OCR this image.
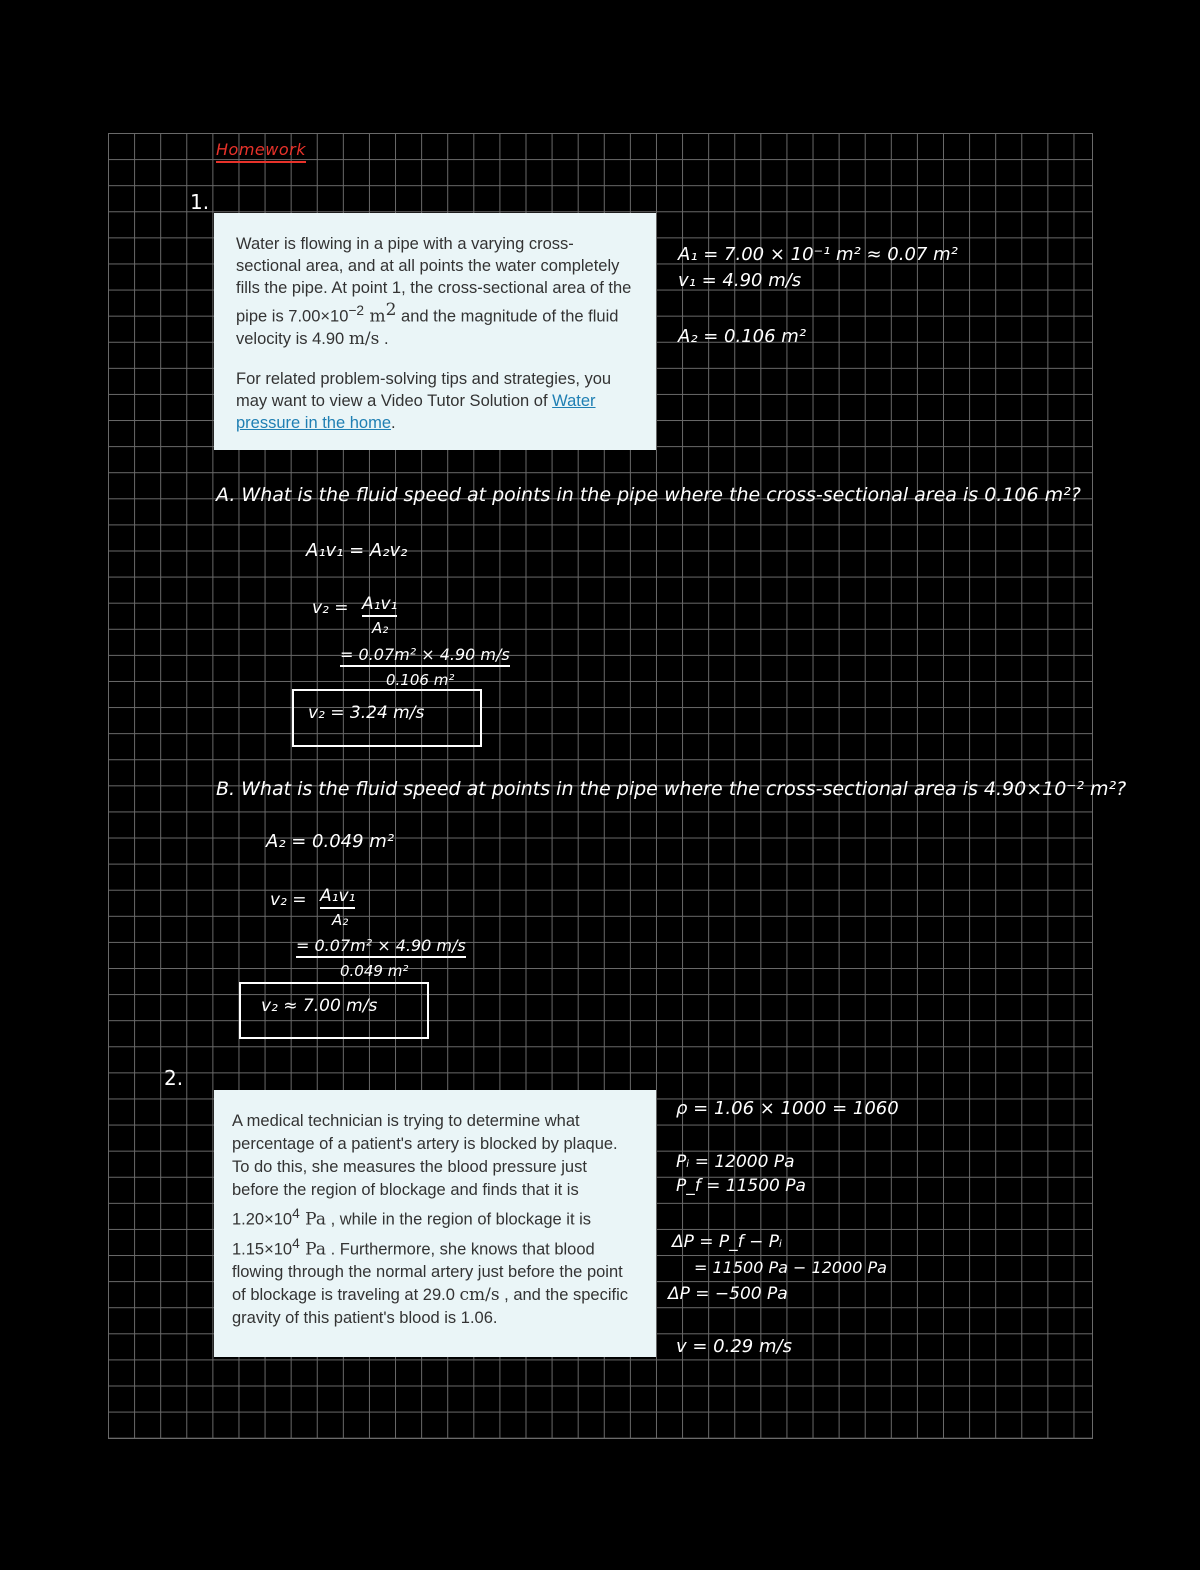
Homework
1.

Water is flowing in a pipe with a varying cross-sectional area, and at all points the water completely fills the pipe. At point 1, the cross-sectional area of the pipe is $7.00\times 10^{-2}$ $m^2$ and the magnitude of the fluid velocity is 4.90 m/s .

For related problem-solving tips and strategies, you may want to view a Video Tutor Solution of Water pressure in the home.

A₁ = 7.00 × 10⁻¹ m² ≈ 0.07 m²
v₁ = 4.90 m/s
A₂ = 0.106 m²
A. What is the fluid speed at points in the pipe where the cross-sectional area is 0.106 m²?
A₁v₁ = A₂v₂
v₂ = A₁v₁
A₂
= 0.07m² × 4.90 m/s
0.106 m²
v₂ = 3.24 m/s
B. What is the fluid speed at points in the pipe where the cross-sectional area is 4.90×10⁻² m²?
A₂ = 0.049 m²
v₂ = A₁v₁
A₂
= 0.07m² × 4.90 m/s
0.049 m²
v₂ ≈ 7.00 m/s
2.
A medical technician is trying to determine what percentage of a patient's artery is blocked by plaque. To do this, she measures the blood pressure just before the region of blockage and finds that it is $1.20\times 10^4$ Pa , while in the region of blockage it is $1.15\times 10^4$ Pa . Furthermore, she knows that blood flowing through the normal artery just before the point of blockage is traveling at 29.0 cm/s , and the specific gravity of this patient's blood is 1.06.
ρ = 1.06 × 1000 = 1060
Pᵢ = 12000 Pa
P_f = 11500 Pa
ΔP = P_f − Pᵢ
= 11500 Pa − 12000 Pa
ΔP = −500 Pa
v = 0.29 m/s
